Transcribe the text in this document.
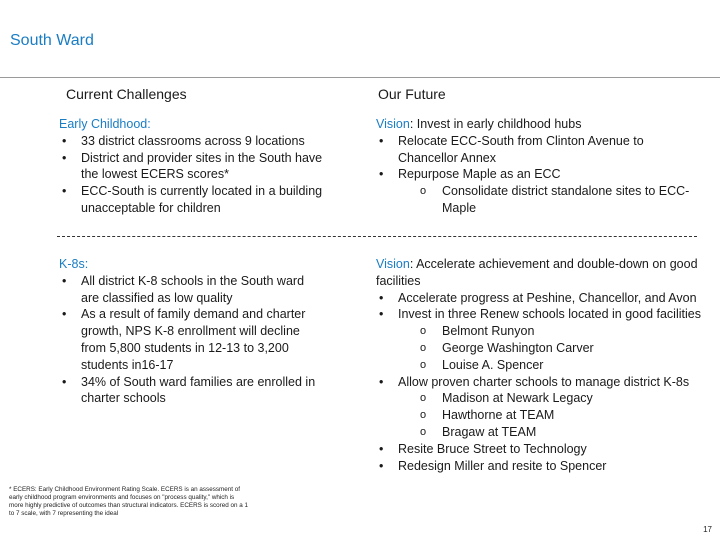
South Ward
Current Challenges	Our Future
Early Childhood:
• 33 district classrooms across 9 locations
• District and provider sites in the South have the lowest ECERS scores*
• ECC-South is currently located in a building unacceptable for children
Vision: Invest in early childhood hubs
• Relocate ECC-South from Clinton Avenue to Chancellor Annex
• Repurpose Maple as an ECC
o Consolidate district standalone sites to ECC-Maple
K-8s:
• All district K-8 schools in the South ward are classified as low quality
• As a result of family demand and charter growth, NPS K-8 enrollment will decline from 5,800 students in 12-13 to 3,200 students in16-17
• 34% of South ward families are enrolled in charter schools
Vision: Accelerate achievement and double-down on good facilities
• Accelerate progress at Peshine, Chancellor, and Avon
• Invest in three Renew schools located in good facilities
o Belmont Runyon
o George Washington Carver
o Louise A. Spencer
• Allow proven charter schools to manage district K-8s
o Madison at Newark Legacy
o Hawthorne at TEAM
o Bragaw at TEAM
• Resite Bruce Street to Technology
• Redesign Miller and resite to Spencer
* ECERS: Early Childhood Environment Rating Scale. ECERS is an assessment of early childhood program environments and focuses on "process quality," which is more highly predictive of outcomes than structural indicators. ECERS is scored on a 1 to 7 scale, with 7 representing the ideal
17
